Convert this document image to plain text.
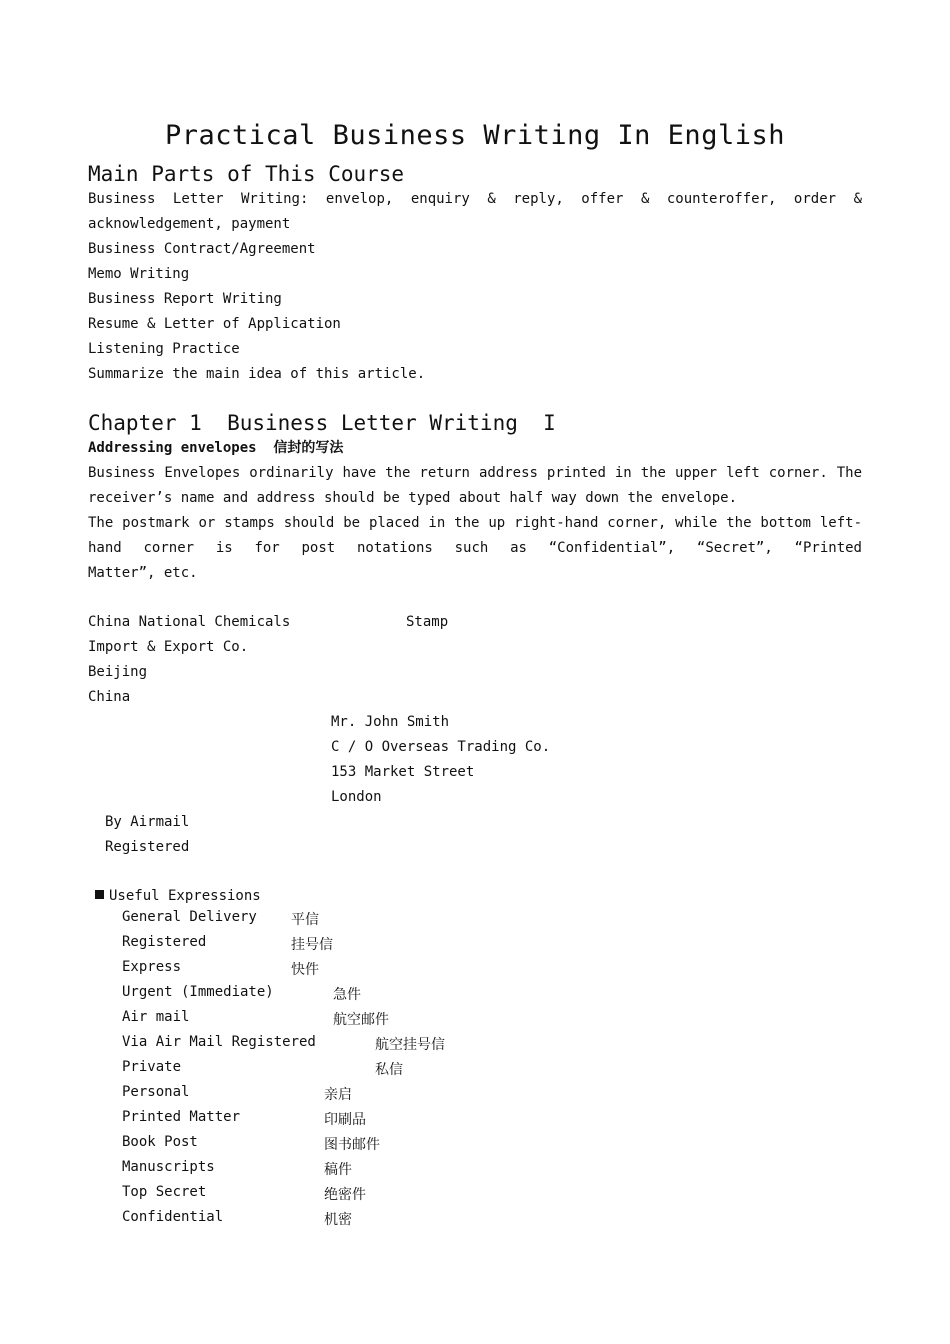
Practical Business Writing In English
Main Parts of This Course
Business Letter Writing: envelop, enquiry & reply, offer & counteroffer, order &
acknowledgement, payment
Business Contract/Agreement
Memo Writing
Business Report Writing
Resume & Letter of Application
Listening Practice
Summarize the main idea of this article.
Chapter 1  Business Letter Writing  I
Addressing envelopes  信封的写法
Business Envelopes ordinarily have the return address printed in the upper left corner. The
receiver’s name and address should be typed about half way down the envelope.
The postmark or stamps should be placed in the up right-hand corner, while the bottom left-
hand corner is for post notations such as “Confidential”, “Secret”, “Printed
Matter”, etc.
China National Chemicals	Stamp
Import & Export Co.
Beijing
China
Mr. John Smith
C / O Overseas Trading Co.
153 Market Street
London
By Airmail
Registered
Useful Expressions
General Delivery 平信
Registered	挂号信
Express	快件
Urgent (Immediate)	急件
Air mail	航空邮件
Via Air Mail Registered	航空挂号信
Private	私信
Personal	亲启
Printed Matter	印刷品
Book Post	图书邮件
Manuscripts	稿件
Top Secret	绝密件
Confidential	机密
